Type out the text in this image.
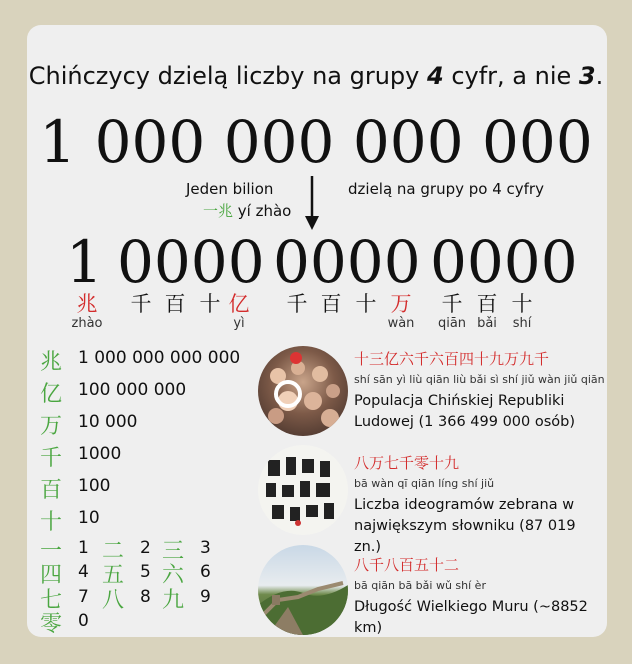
Chińczycy dzielą liczby na grupy 4 cyfr, a nie 3.
1 000 000 000 000
Jeden bilion
一兆 yí zhào
dzielą na grupy po 4 cyfry
1 0000 0000 0000
兆
zhào
千 百 十 亿
yì
千 百 十 万
wàn
千
qiān
百
bǎi
十
shí
兆 1 000 000 000 000
亿 100 000 000
万 10 000
千 1000
百 100
十 10
一 1 二 2 三 3
四 4 五 5 六 6
七 7 八 8 九 9
零 0
十三亿六千六百四十九万九千
shí sān yì liù qiān liù bǎi sì shí jiǔ wàn jiǔ qiān
Populacja Chińskiej Republiki Ludowej (1 366 499 000 osób)
八万七千零十九
bā wàn qī qiān líng shí jiǔ
Liczba ideogramów zebrana w największym słowniku (87 019 zn.)
八千八百五十二
bā qiān bā bǎi wǔ shí èr
Długość Wielkiego Muru (~8852 km)
